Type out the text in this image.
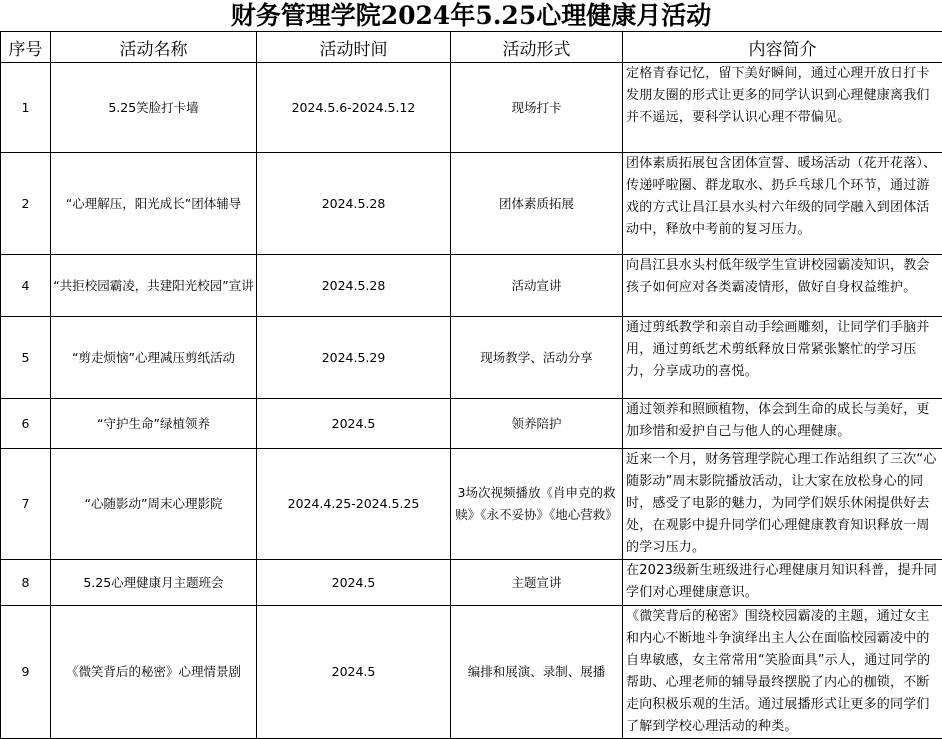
财务管理学院2024年5.25心理健康月活动
序号	活动名称	活动时间	活动形式	内容简介
1	5.25笑脸打卡墙	2024.5.6-2024.5.12	现场打卡	定格青春记忆，留下美好瞬间，通过心理开放日打卡发朋友圈的形式让更多的同学认识到心理健康离我们并不遥远，要科学认识心理不带偏见。
2	“心理解压，阳光成长”团体辅导	2024.5.28	团体素质拓展	团体素质拓展包含团体宣誓、暖场活动（花开花落）、传递呼啦圈、群龙取水、扔乒乓球几个环节，通过游戏的方式让昌江县水头村六年级的同学融入到团体活动中，释放中考前的复习压力。
4	“共拒校园霸凌，共建阳光校园”宣讲	2024.5.28	活动宣讲	向昌江县水头村低年级学生宣讲校园霸凌知识，教会孩子如何应对各类霸凌情形，做好自身权益维护。
5	“剪走烦恼”心理减压剪纸活动	2024.5.29	现场教学、活动分享	通过剪纸教学和亲自动手绘画雕刻，让同学们手脑并用，通过剪纸艺术剪纸释放日常紧张繁忙的学习压力，分享成功的喜悦。
6	“守护生命”绿植领养	2024.5	领养陪护	通过领养和照顾植物，体会到生命的成长与美好，更加珍惜和爱护自己与他人的心理健康。
7	“心随影动”周末心理影院	2024.4.25-2024.5.25	3场次视频播放《肖申克的救赎》《永不妥协》《地心营救》	近来一个月，财务管理学院心理工作站组织了三次“心随影动”周末影院播放活动，让大家在放松身心的同时，感受了电影的魅力，为同学们娱乐休闲提供好去处，在观影中提升同学们心理健康教育知识释放一周的学习压力。
8	5.25心理健康月主题班会	2024.5	主题宣讲	在2023级新生班级进行心理健康月知识科普，提升同学们对心理健康意识。
9	《微笑背后的秘密》心理情景剧	2024.5	编排和展演、录制、展播	《微笑背后的秘密》围绕校园霸凌的主题，通过女主和内心不断地斗争演绎出主人公在面临校园霸凌中的自卑敏感，女主常常用“笑脸面具”示人，通过同学的帮助、心理老师的辅导最终摆脱了内心的枷锁，不断走向积极乐观的生活。通过展播形式让更多的同学们了解到学校心理活动的种类。
